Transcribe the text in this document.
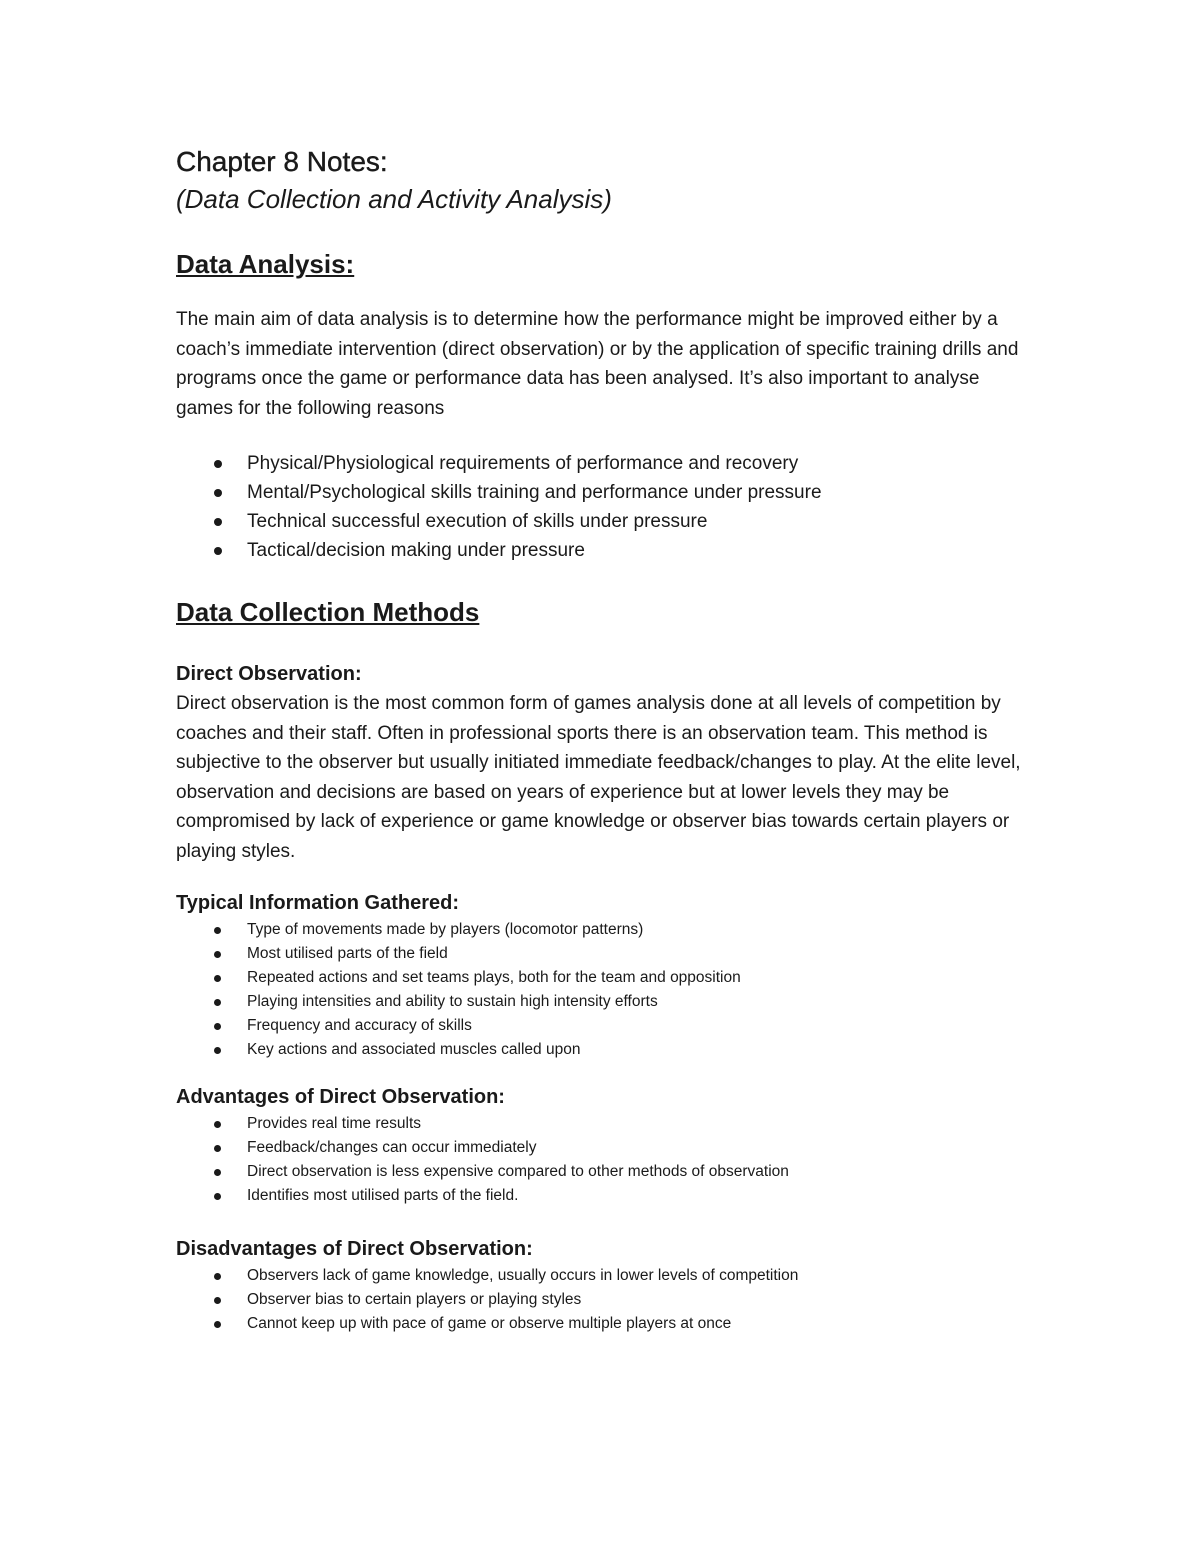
Chapter 8 Notes:
(Data Collection and Activity Analysis)
Data Analysis:

The main aim of data analysis is to determine how the performance might be improved either by a coach’s immediate intervention (direct observation) or by the application of specific training drills and programs once the game or performance data has been analysed. It’s also important to analyse games for the following reasons

Physical/Physiological requirements of performance and recovery
Mental/Psychological skills training and performance under pressure
Technical successful execution of skills under pressure
Tactical/decision making under pressure
Data Collection Methods
Direct Observation:

Direct observation is the most common form of games analysis done at all levels of competition by coaches and their staff. Often in professional sports there is an observation team. This method is subjective to the observer but usually initiated immediate feedback/changes to play. At the elite level, observation and decisions are based on years of experience but at lower levels they may be compromised by lack of experience or game knowledge or observer bias towards certain players or playing styles.

Typical Information Gathered:
Type of movements made by players (locomotor patterns)
Most utilised parts of the field
Repeated actions and set teams plays, both for the team and opposition
Playing intensities and ability to sustain high intensity efforts
Frequency and accuracy of skills
Key actions and associated muscles called upon
Advantages of Direct Observation:
Provides real time results
Feedback/changes can occur immediately
Direct observation is less expensive compared to other methods of observation
Identifies most utilised parts of the field.
Disadvantages of Direct Observation:
Observers lack of game knowledge, usually occurs in lower levels of competition
Observer bias to certain players or playing styles
Cannot keep up with pace of game or observe multiple players at once
